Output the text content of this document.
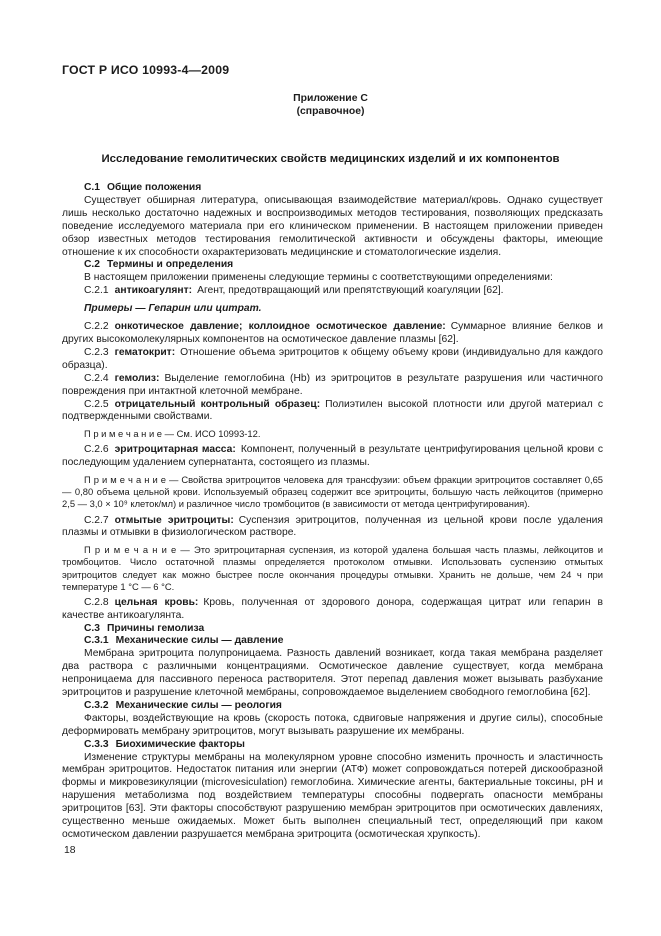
ГОСТ Р ИСО 10993-4—2009
Приложение С
(справочное)
Исследование гемолитических свойств медицинских изделий и их компонентов

С.1 Общие положения

Существует обширная литература, описывающая взаимодействие материал/кровь. Однако существует лишь несколько достаточно надежных и воспроизводимых методов тестирования, позволяющих предсказать поведение исследуемого материала при его клиническом применении. В настоящем приложении приведен обзор известных методов тестирования гемолитической активности и обсуждены факторы, имеющие отношение к их способности охарактеризовать медицинские и стоматологические изделия.

С.2 Термины и определения

В настоящем приложении применены следующие термины с соответствующими определениями:

С.2.1 антикоагулянт: Агент, предотвращающий или препятствующий коагуляции [62].

Примеры — Гепарин или цитрат.

С.2.2 онкотическое давление; коллоидное осмотическое давление: Суммарное влияние белков и других высокомолекулярных компонентов на осмотическое давление плазмы [62].

С.2.3 гематокрит: Отношение объема эритроцитов к общему объему крови (индивидуально для каждого образца).

С.2.4 гемолиз: Выделение гемоглобина (Hb) из эритроцитов в результате разрушения или частичного повреждения при интактной клеточной мембране.

С.2.5 отрицательный контрольный образец: Полиэтилен высокой плотности или другой материал с подтвержденными свойствами.

П р и м е ч а н и е — См. ИСО 10993-12.

С.2.6 эритроцитарная масса: Компонент, полученный в результате центрифугирования цельной крови с последующим удалением супернатанта, состоящего из плазмы.

П р и м е ч а н и е — Свойства эритроцитов человека для трансфузии: объем фракции эритроцитов составляет 0,65 — 0,80 объема цельной крови. Используемый образец содержит все эритроциты, большую часть лейкоцитов (примерно 2,5 — 3,0 × 10⁹ клеток/мл) и различное число тромбоцитов (в зависимости от метода центрифугирования).

С.2.7 отмытые эритроциты: Суспензия эритроцитов, полученная из цельной крови после удаления плазмы и отмывки в физиологическом растворе.

П р и м е ч а н и е — Это эритроцитарная суспензия, из которой удалена большая часть плазмы, лейкоцитов и тромбоцитов. Число остаточной плазмы определяется протоколом отмывки. Использовать суспензию отмытых эритроцитов следует как можно быстрее после окончания процедуры отмывки. Хранить не дольше, чем 24 ч при температуре 1 °С — 6 °С.

С.2.8 цельная кровь: Кровь, полученная от здорового донора, содержащая цитрат или гепарин в качестве антикоагулянта.

С.3 Причины гемолиза

С.3.1 Механические силы — давление

Мембрана эритроцита полупроницаема. Разность давлений возникает, когда такая мембрана разделяет два раствора с различными концентрациями. Осмотическое давление существует, когда мембрана непроницаема для пассивного переноса растворителя. Этот перепад давления может вызывать разбухание эритроцитов и разрушение клеточной мембраны, сопровождаемое выделением свободного гемоглобина [62].

С.3.2 Механические силы — реология

Факторы, воздействующие на кровь (скорость потока, сдвиговые напряжения и другие силы), способные деформировать мембрану эритроцитов, могут вызывать разрушение их мембраны.

С.3.3 Биохимические факторы

Изменение структуры мембраны на молекулярном уровне способно изменить прочность и эластичность мембран эритроцитов. Недостаток питания или энергии (АТФ) может сопровождаться потерей дискообразной формы и микровезикуляции (microvesiculation) гемоглобина. Химические агенты, бактериальные токсины, pH и нарушения метаболизма под воздействием температуры способны подвергать опасности мембраны эритроцитов [63]. Эти факторы способствуют разрушению мембран эритроцитов при осмотических давлениях, существенно меньше ожидаемых. Может быть выполнен специальный тест, определяющий при каком осмотическом давлении разрушается мембрана эритроцита (осмотическая хрупкость).

18
